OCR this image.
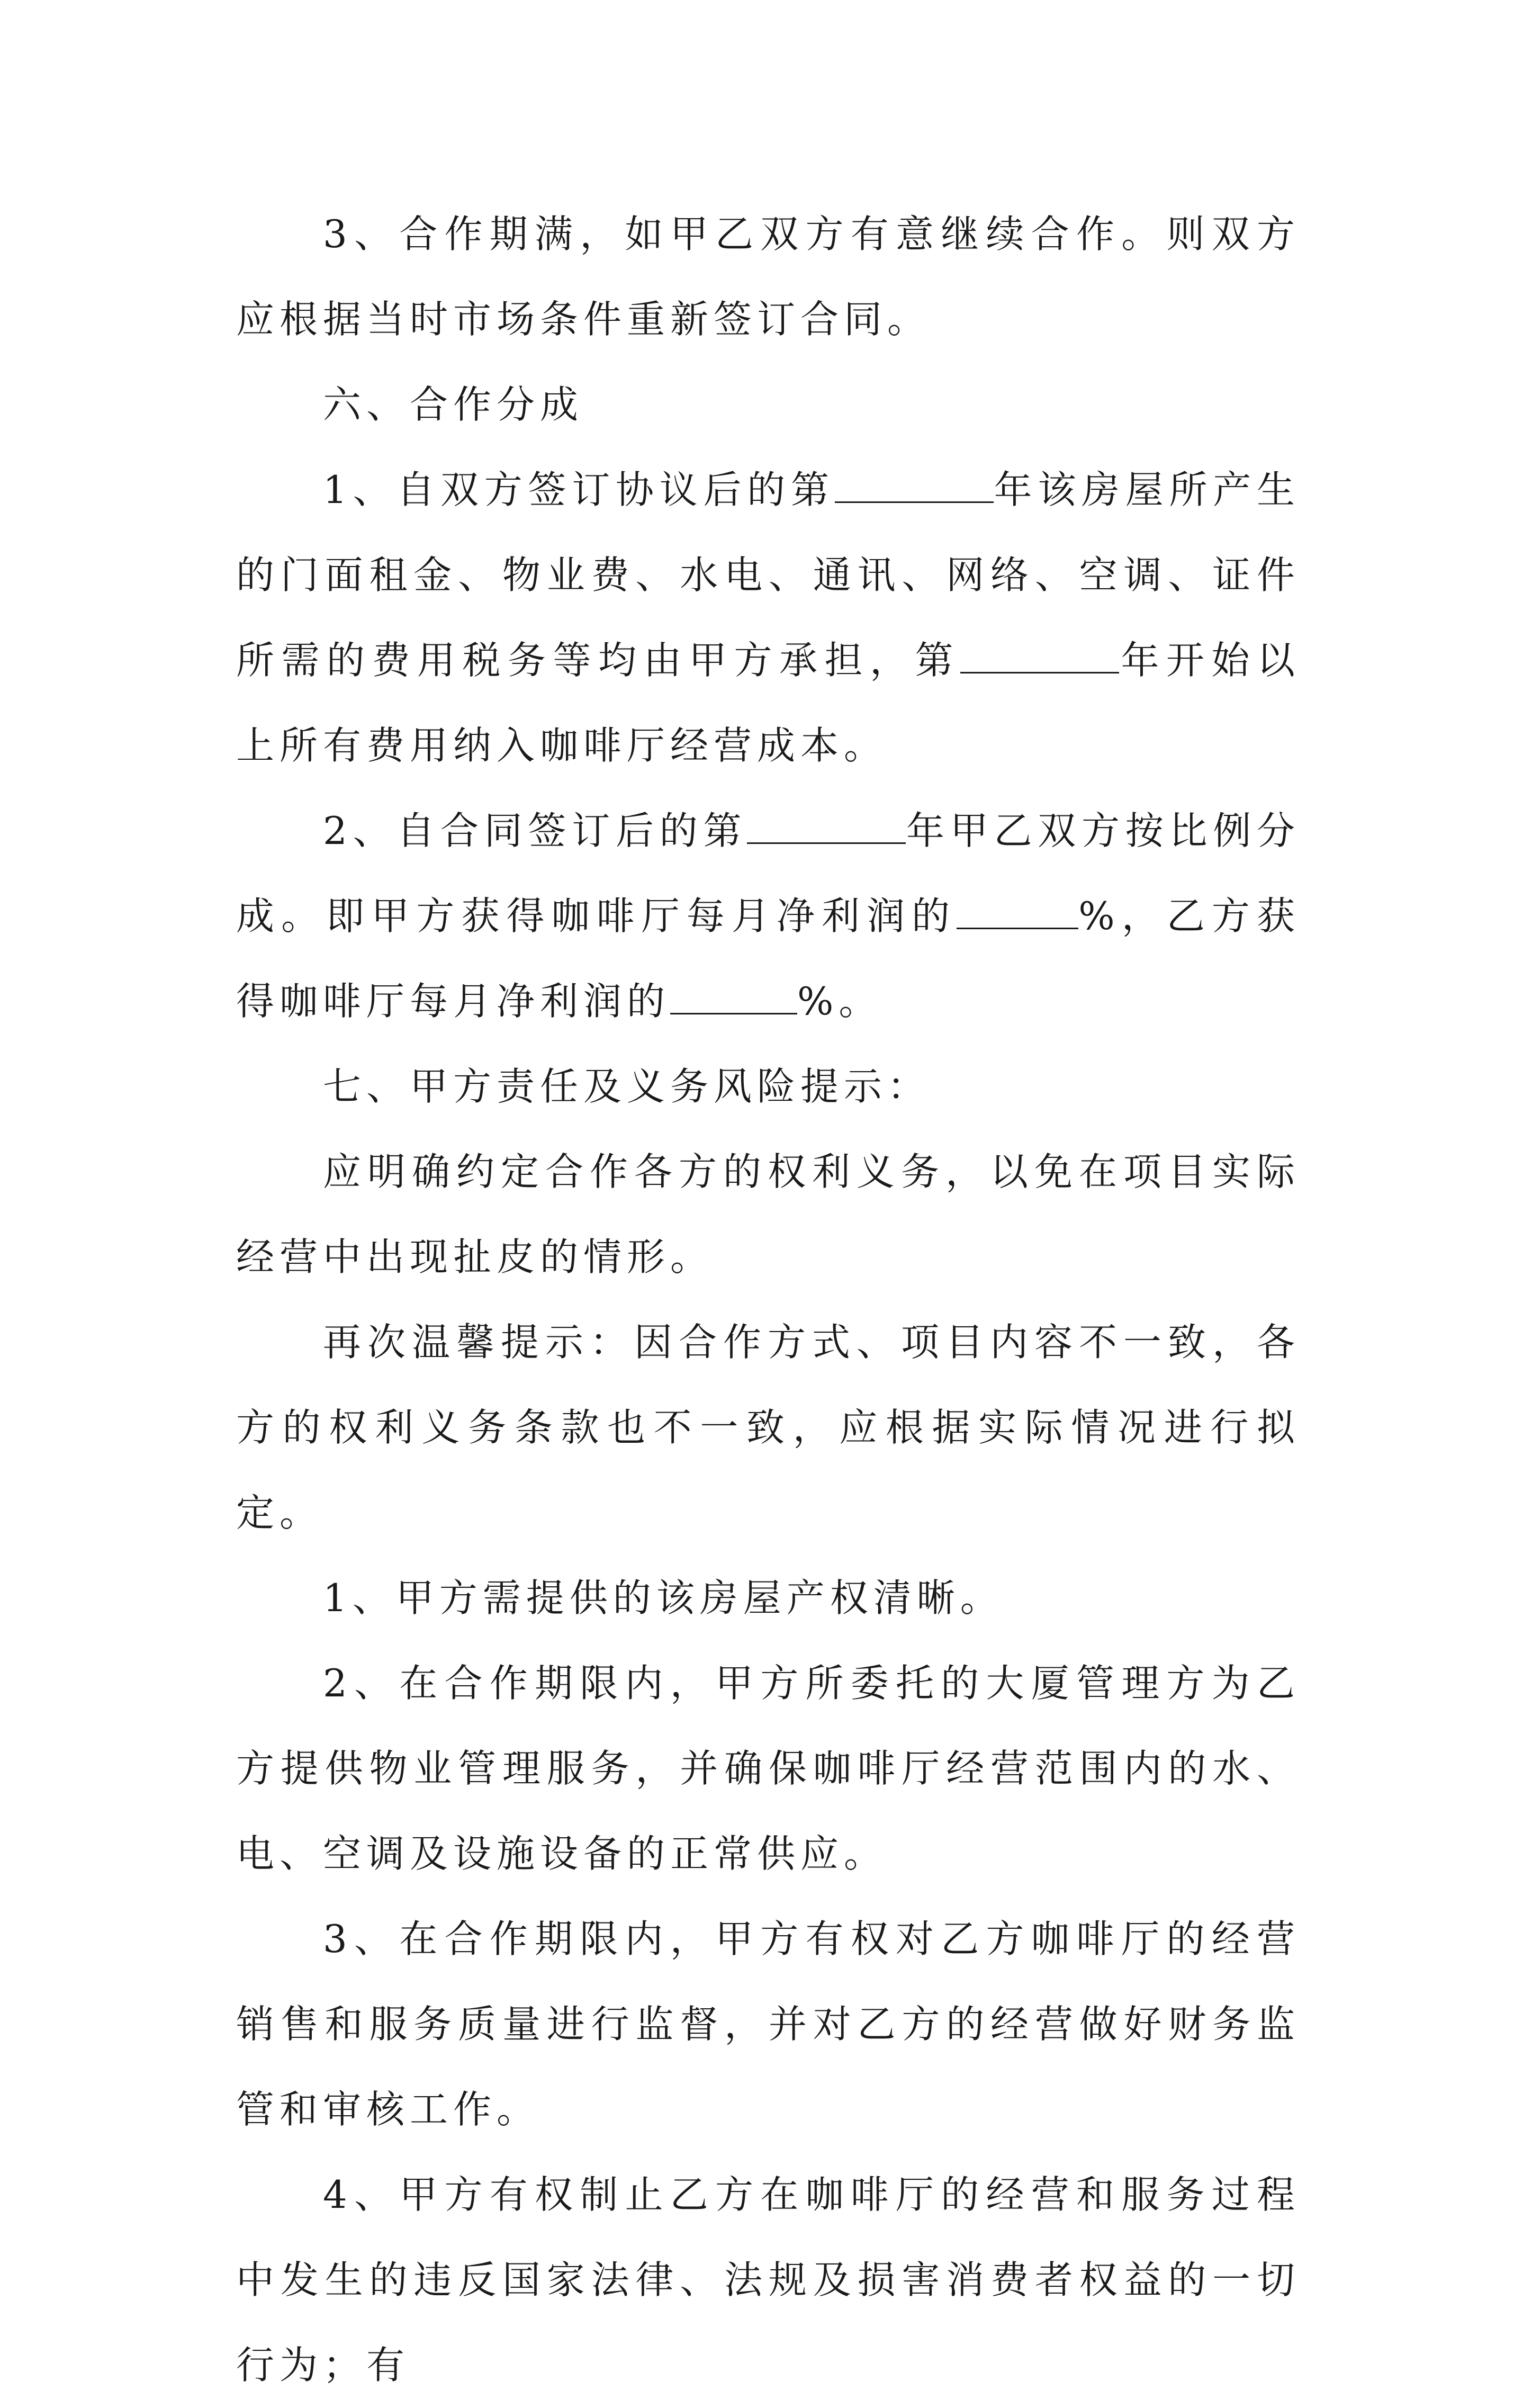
3、合作期满，如甲乙双方有意继续合作。则双方应根据当时市场条件重新签订合同。

六、合作分成

1、自双方签订协议后的第	年该房屋所产生的门面租金、物业费、水电、通讯、网络、空调、证件所需的费用税务等均由甲方承担，第	年开始以上所有费用纳入咖啡厅经营成本。

2、自合同签订后的第	年甲乙双方按比例分成。即甲方获得咖啡厅每月净利润的	%，乙方获得咖啡厅每月净利润的	%。

七、甲方责任及义务风险提示：

应明确约定合作各方的权利义务，以免在项目实际经营中出现扯皮的情形。

再次温馨提示：因合作方式、项目内容不一致，各方的权利义务条款也不一致，应根据实际情况进行拟定。

1、甲方需提供的该房屋产权清晰。

2、在合作期限内，甲方所委托的大厦管理方为乙方提供物业管理服务，并确保咖啡厅经营范围内的水、电、空调及设施设备的正常供应。

3、在合作期限内，甲方有权对乙方咖啡厅的经营销售和服务质量进行监督，并对乙方的经营做好财务监管和审核工作。

4、甲方有权制止乙方在咖啡厅的经营和服务过程中发生的违反国家法律、法规及损害消费者权益的一切行为；有
